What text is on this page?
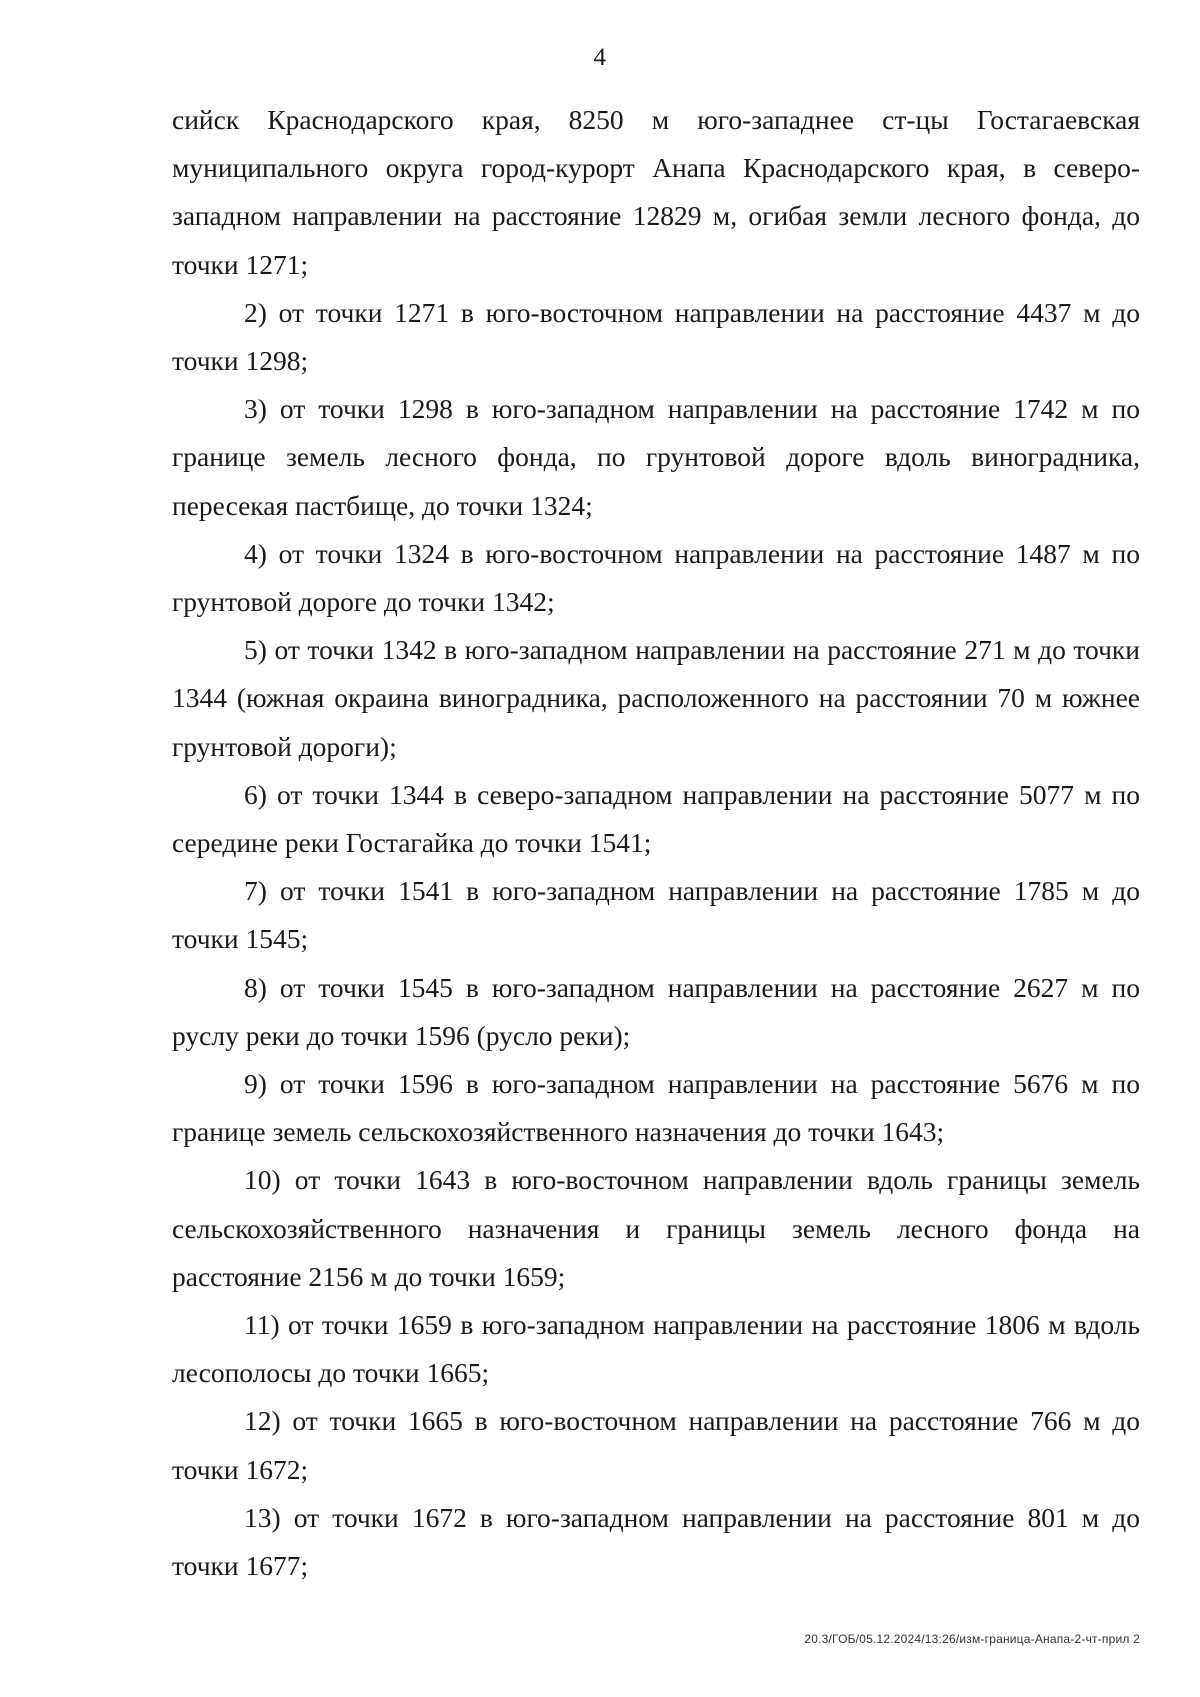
4

сийск Краснодарского края, 8250 м юго-западнее ст-цы Гостагаевская муниципального округа город-курорт Анапа Краснодарского края, в северо-западном направлении на расстояние 12829 м, огибая земли лесного фонда, до точки 1271;

2) от точки 1271 в юго-восточном направлении на расстояние 4437 м до точки 1298;

3) от точки 1298 в юго-западном направлении на расстояние 1742 м по границе земель лесного фонда, по грунтовой дороге вдоль виноградника, пересекая пастбище, до точки 1324;

4) от точки 1324 в юго-восточном направлении на расстояние 1487 м по грунтовой дороге до точки 1342;

5) от точки 1342 в юго-западном направлении на расстояние 271 м до точки 1344 (южная окраина виноградника, расположенного на расстоянии 70 м южнее грунтовой дороги);

6) от точки 1344 в северо-западном направлении на расстояние 5077 м по середине реки Гостагайка до точки 1541;

7) от точки 1541 в юго-западном направлении на расстояние 1785 м до точки 1545;

8) от точки 1545 в юго-западном направлении на расстояние 2627 м по руслу реки до точки 1596 (русло реки);

9) от точки 1596 в юго-западном направлении на расстояние 5676 м по границе земель сельскохозяйственного назначения до точки 1643;

10) от точки 1643 в юго-восточном направлении вдоль границы земель сельскохозяйственного назначения и границы земель лесного фонда на расстояние 2156 м до точки 1659;

11) от точки 1659 в юго-западном направлении на расстояние 1806 м вдоль лесополосы до точки 1665;

12) от точки 1665 в юго-восточном направлении на расстояние 766 м до точки 1672;

13) от точки 1672 в юго-западном направлении на расстояние 801 м до точки 1677;

20.3/ГОБ/05.12.2024/13:26/изм-граница-Анапа-2-чт-прил 2
